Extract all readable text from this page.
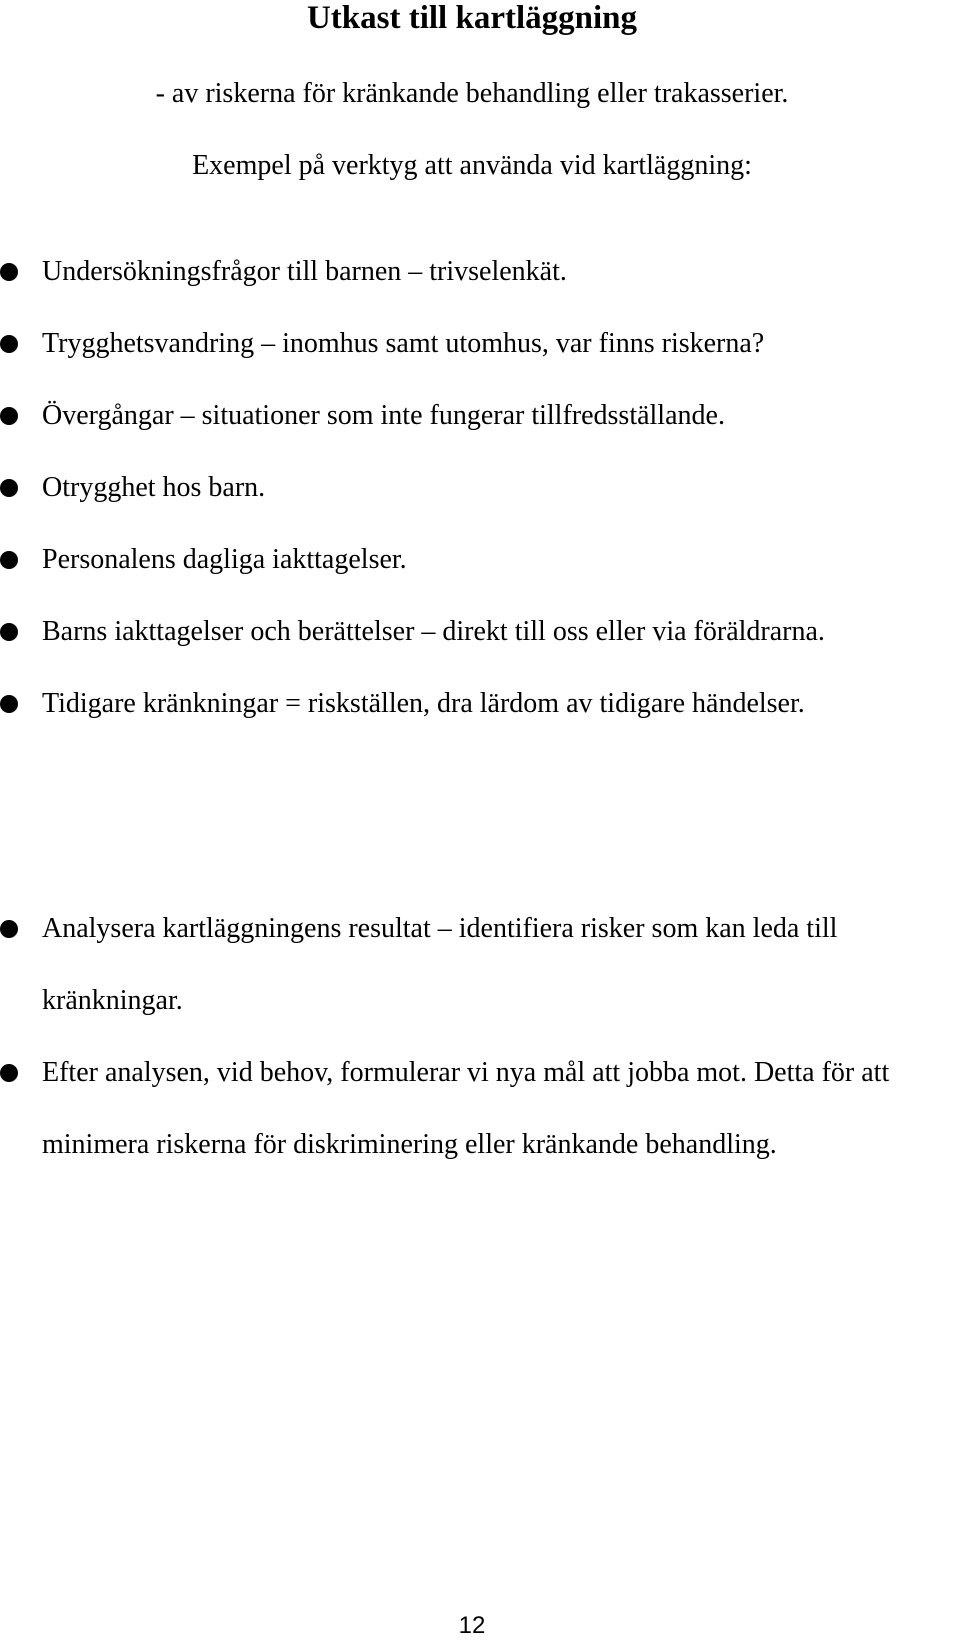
Utkast till kartläggning

- av riskerna för kränkande behandling eller trakasserier.

Exempel på verktyg att använda vid kartläggning:

Undersökningsfrågor till barnen – trivselenkät.
Trygghetsvandring – inomhus samt utomhus, var finns riskerna?
Övergångar – situationer som inte fungerar tillfredsställande.
Otrygghet hos barn.
Personalens dagliga iakttagelser.
Barns iakttagelser och berättelser – direkt till oss eller via föräldrarna.
Tidigare kränkningar = riskställen, dra lärdom av tidigare händelser.
Analysera kartläggningens resultat – identifiera risker som kan leda till kränkningar.
Efter analysen, vid behov, formulerar vi nya mål att jobba mot. Detta för att minimera riskerna för diskriminering eller kränkande behandling.
12
